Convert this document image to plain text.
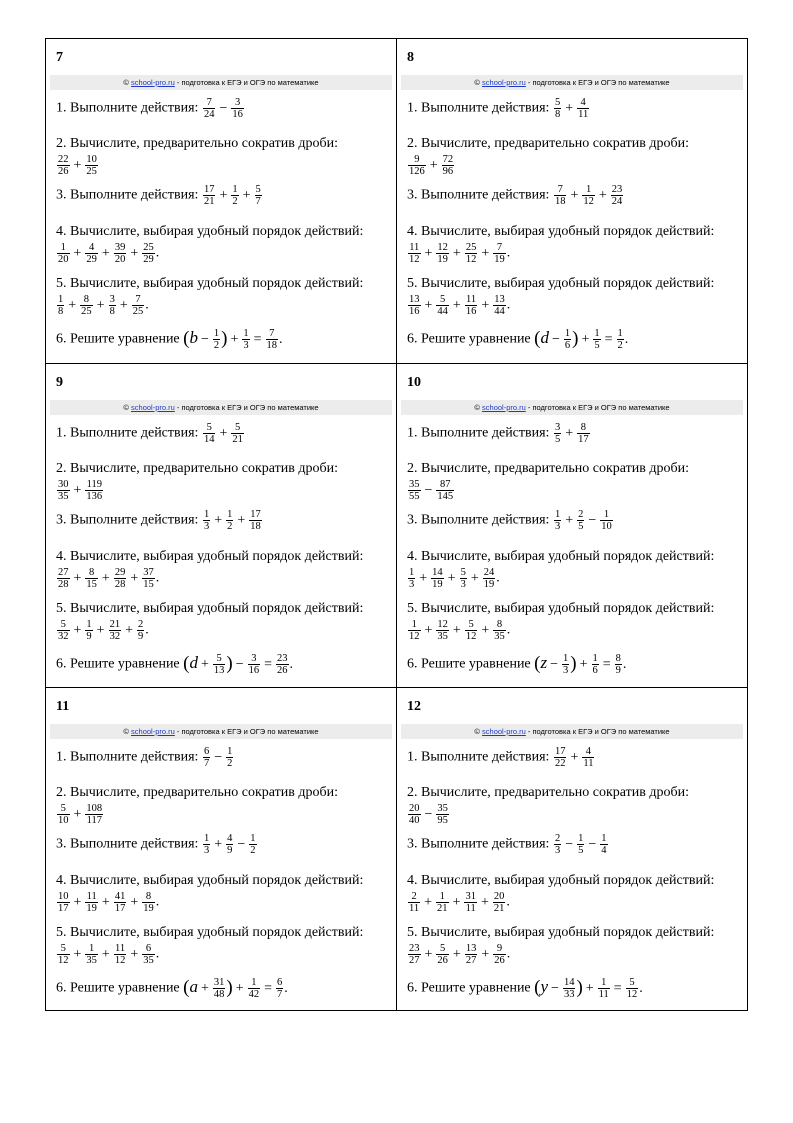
7
© school-pro.ru - подготовка к ЕГЭ и ОГЭ по математике
1. Выполните действия: $\frac{7}{24} - \frac{3}{16}$
2. Вычислите, предварительно сократив дроби:
$\frac{22}{26} + \frac{10}{25}$
3. Выполните действия: $\frac{17}{21} + \frac{1}{2} + \frac{5}{7}$
4. Вычислите, выбирая удобный порядок действий:
$\frac{1}{20} + \frac{4}{29} + \frac{39}{20} + \frac{25}{29}$ .
5. Вычислите, выбирая удобный порядок действий:
$\frac{1}{8} + \frac{8}{25} + \frac{3}{8} + \frac{7}{25}$ .
6. Решите уравнение ($b - \frac{1}{2}$ ) + $\frac{1}{3} = \frac{7}{18}$ .
8
© school-pro.ru - подготовка к ЕГЭ и ОГЭ по математике
1. Выполните действия: $\frac{5}{8} + \frac{4}{11}$
2. Вычислите, предварительно сократив дроби:
$\frac{9}{126} + \frac{72}{96}$
3. Выполните действия: $\frac{7}{18} + \frac{1}{12} + \frac{23}{24}$
4. Вычислите, выбирая удобный порядок действий:
$\frac{11}{12} + \frac{12}{19} + \frac{25}{12} + \frac{7}{19}$ .
5. Вычислите, выбирая удобный порядок действий:
$\frac{13}{16} + \frac{5}{44} + \frac{11}{16} + \frac{13}{44}$ .
6. Решите уравнение ($d - \frac{1}{6}$ ) + $\frac{1}{5} = \frac{1}{2}$ .
9
© school-pro.ru - подготовка к ЕГЭ и ОГЭ по математике
1. Выполните действия: $\frac{5}{14} + \frac{5}{21}$
2. Вычислите, предварительно сократив дроби:
$\frac{30}{35} + \frac{119}{136}$
3. Выполните действия: $\frac{1}{3} + \frac{1}{2} + \frac{17}{18}$
4. Вычислите, выбирая удобный порядок действий:
$\frac{27}{28} + \frac{8}{15} + \frac{29}{28} + \frac{37}{15}$ .
5. Вычислите, выбирая удобный порядок действий:
$\frac{5}{32} + \frac{1}{9} + \frac{21}{32} + \frac{2}{9}$ .
6. Решите уравнение ($d + \frac{5}{13}$ ) − $\frac{3}{16} = \frac{23}{26}$ .
10
© school-pro.ru - подготовка к ЕГЭ и ОГЭ по математике
1. Выполните действия: $\frac{3}{5} + \frac{8}{17}$
2. Вычислите, предварительно сократив дроби:
$\frac{35}{55} - \frac{87}{145}$
3. Выполните действия: $\frac{1}{3} + \frac{2}{5} - \frac{1}{10}$
4. Вычислите, выбирая удобный порядок действий:
$\frac{1}{3} + \frac{14}{19} + \frac{5}{3} + \frac{24}{19}$ .
5. Вычислите, выбирая удобный порядок действий:
$\frac{1}{12} + \frac{12}{35} + \frac{5}{12} + \frac{8}{35}$ .
6. Решите уравнение ($z - \frac{1}{3}$ ) + $\frac{1}{6} = \frac{8}{9}$ .
11
© school-pro.ru - подготовка к ЕГЭ и ОГЭ по математике
1. Выполните действия: $\frac{6}{7} - \frac{1}{2}$
2. Вычислите, предварительно сократив дроби:
$\frac{5}{10} + \frac{108}{117}$
3. Выполните действия: $\frac{1}{3} + \frac{4}{9} - \frac{1}{2}$
4. Вычислите, выбирая удобный порядок действий:
$\frac{10}{17} + \frac{11}{19} + \frac{41}{17} + \frac{8}{19}$ .
5. Вычислите, выбирая удобный порядок действий:
$\frac{5}{12} + \frac{1}{35} + \frac{11}{12} + \frac{6}{35}$ .
6. Решите уравнение ($a + \frac{31}{48}$ ) + $\frac{1}{42} = \frac{6}{7}$ .
12
© school-pro.ru - подготовка к ЕГЭ и ОГЭ по математике
1. Выполните действия: $\frac{17}{22} + \frac{4}{11}$
2. Вычислите, предварительно сократив дроби:
$\frac{20}{40} - \frac{35}{95}$
3. Выполните действия: $\frac{2}{3} - \frac{1}{5} - \frac{1}{4}$
4. Вычислите, выбирая удобный порядок действий:
$\frac{2}{11} + \frac{1}{21} + \frac{31}{11} + \frac{20}{21}$ .
5. Вычислите, выбирая удобный порядок действий:
$\frac{23}{27} + \frac{5}{26} + \frac{13}{27} + \frac{9}{26}$ .
6. Решите уравнение ($y - \frac{14}{33}$ ) + $\frac{1}{11} = \frac{5}{12}$ .
